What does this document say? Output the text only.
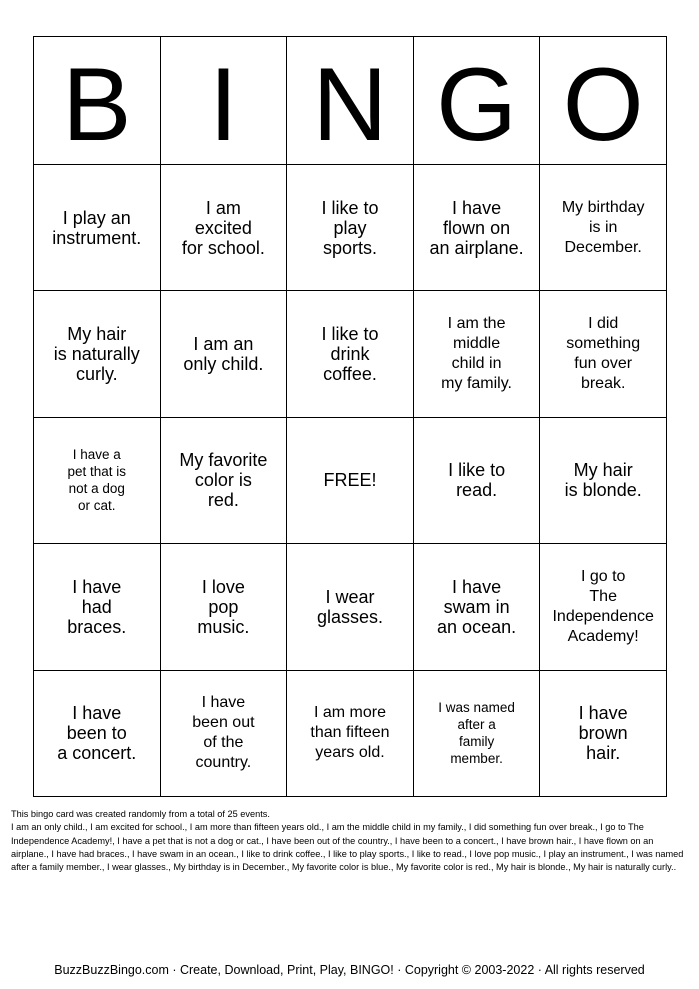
B	I	N	G	O

I play an
instrument.	I am
excited
for school.	I like to
play
sports.	I have
flown on
an airplane.	My birthday
is in
December.

My hair
is naturally
curly.	I am an
only child.	I like to
drink
coffee.	I am the
middle
child in
my family.	I did
something
fun over
break.

I have a
pet that is
not a dog
or cat.	My favorite
color is
red.	FREE!	I like to
read.	My hair
is blonde.

I have
had
braces.	I love
pop
music.	I wear
glasses.	I have
swam in
an ocean.	I go to
The
Independence
Academy!

I have
been to
a concert.	I have
been out
of the
country.	I am more
than fifteen
years old.	I was named
after a
family
member.	I have
brown
hair.

This bingo card was created randomly from a total of 25 events.

I am an only child., I am excited for school., I am more than fifteen years old., I am the middle child in my family., I did something fun over break., I go to The Independence Academy!, I have a pet that is not a dog or cat., I have been out of the country., I have been to a concert., I have brown hair., I have flown on an airplane., I have had braces., I have swam in an ocean., I like to drink coffee., I like to play sports., I like to read., I love pop music., I play an instrument., I was named after a family member., I wear glasses., My birthday is in December., My favorite color is blue., My favorite color is red., My hair is blonde., My hair is naturally curly..

BuzzBuzzBingo.com · Create, Download, Print, Play, BINGO! · Copyright © 2003-2022 · All rights reserved
